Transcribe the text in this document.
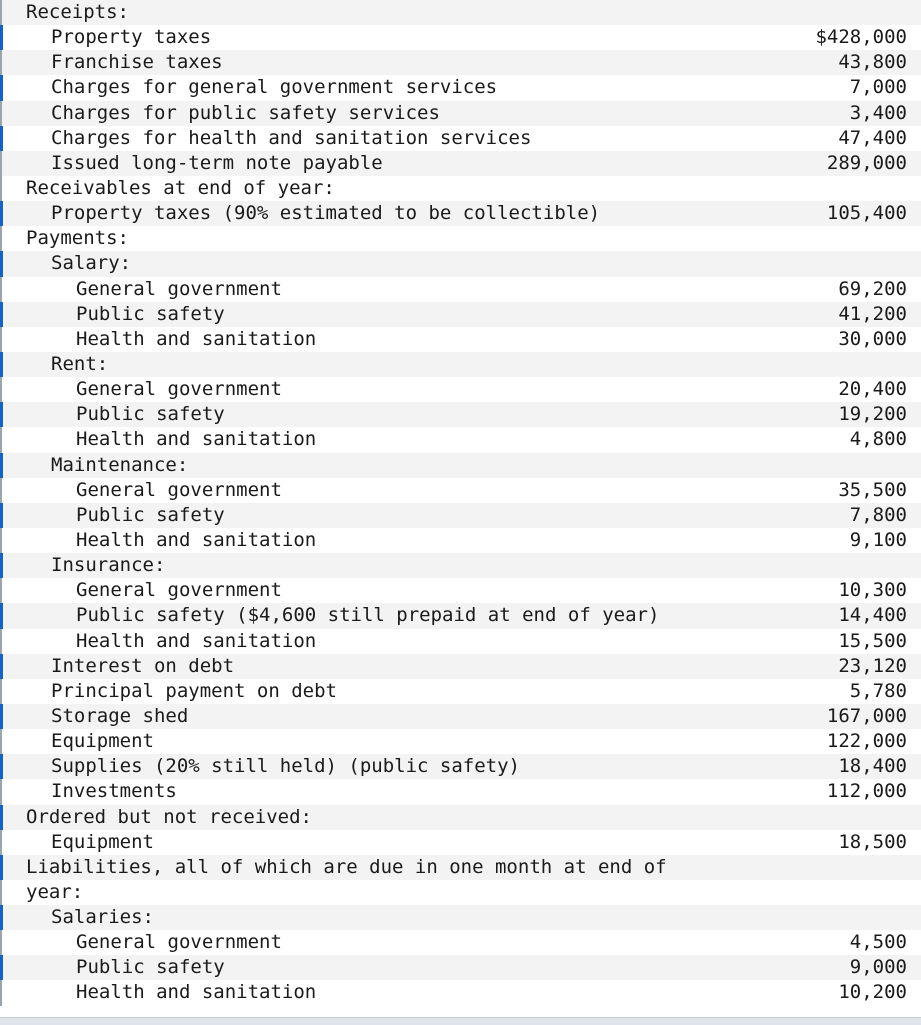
Receipts:
Property taxes	$428,000
Franchise taxes	43,800
Charges for general government services	7,000
Charges for public safety services	3,400
Charges for health and sanitation services	47,400
Issued long-term note payable	289,000
Receivables at end of year:
Property taxes (90% estimated to be collectible)	105,400
Payments:
Salary:
General government	69,200
Public safety	41,200
Health and sanitation	30,000
Rent:
General government	20,400
Public safety	19,200
Health and sanitation	4,800
Maintenance:
General government	35,500
Public safety	7,800
Health and sanitation	9,100
Insurance:
General government	10,300
Public safety ($4,600 still prepaid at end of year)	14,400
Health and sanitation	15,500
Interest on debt	23,120
Principal payment on debt	5,780
Storage shed	167,000
Equipment	122,000
Supplies (20% still held) (public safety)	18,400
Investments	112,000
Ordered but not received:
Equipment	18,500
Liabilities, all of which are due in one month at end of
year:
Salaries:
General government	4,500
Public safety	9,000
Health and sanitation	10,200
